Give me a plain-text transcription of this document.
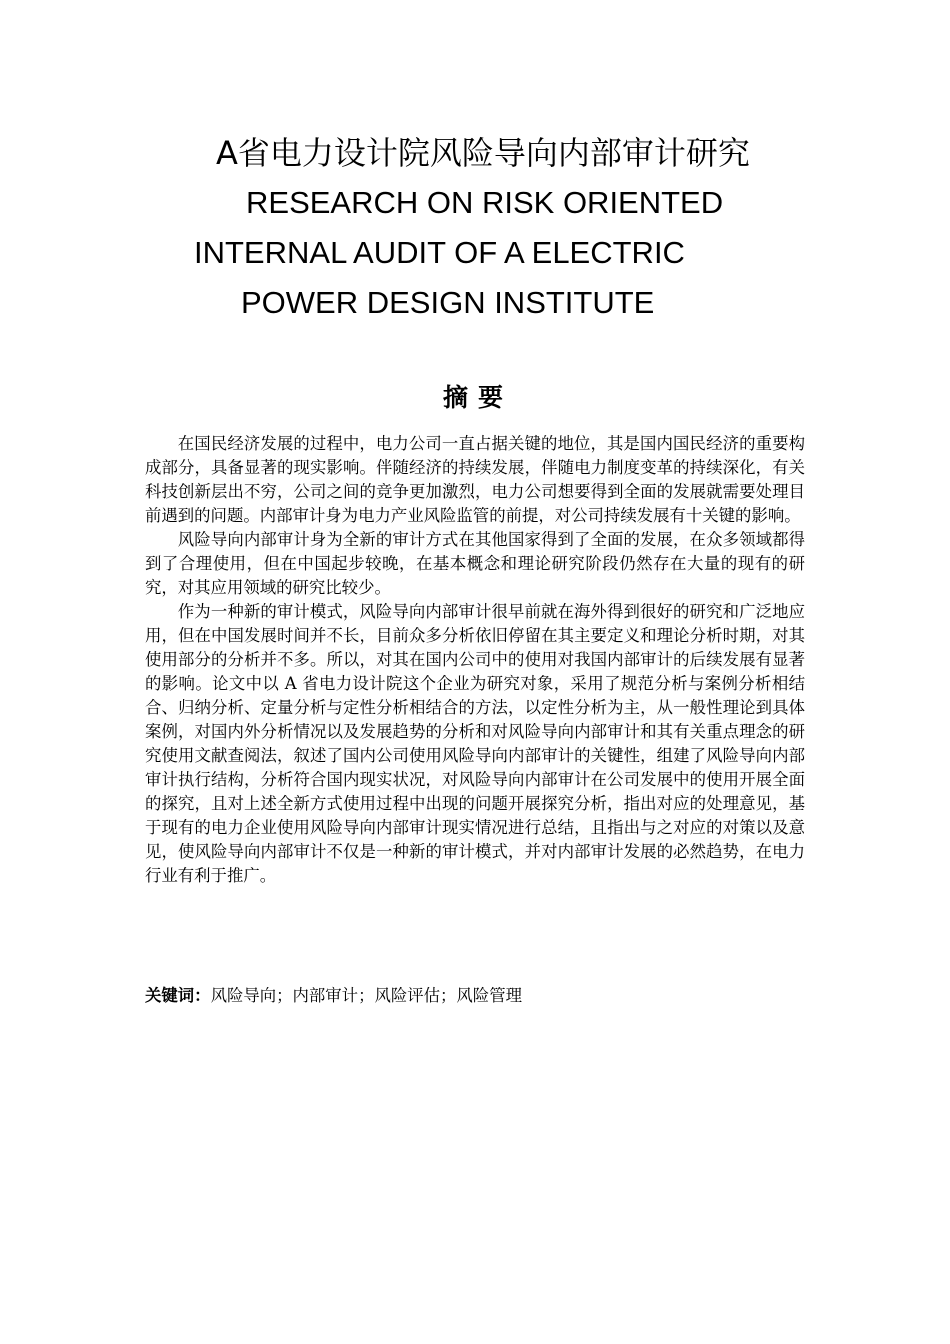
A省电力设计院风险导向内部审计研究
RESEARCH ON RISK ORIENTED
INTERNAL AUDIT OF A ELECTRIC
POWER DESIGN INSTITUTE
摘要

在国民经济发展的过程中，电力公司一直占据关键的地位，其是国内国民经济的重要构成部分，具备显著的现实影响。伴随经济的持续发展，伴随电力制度变革的持续深化，有关科技创新层出不穷，公司之间的竞争更加激烈，电力公司想要得到全面的发展就需要处理目前遇到的问题。内部审计身为电力产业风险监管的前提，对公司持续发展有十关键的影响。

风险导向内部审计身为全新的审计方式在其他国家得到了全面的发展，在众多领域都得到了合理使用，但在中国起步较晚，在基本概念和理论研究阶段仍然存在大量的现有的研究，对其应用领域的研究比较少。

作为一种新的审计模式，风险导向内部审计很早前就在海外得到很好的研究和广泛地应用，但在中国发展时间并不长，目前众多分析依旧停留在其主要定义和理论分析时期，对其使用部分的分析并不多。所以，对其在国内公司中的使用对我国内部审计的后续发展有显著的影响。论文中以 A 省电力设计院这个企业为研究对象，采用了规范分析与案例分析相结合、归纳分析、定量分析与定性分析相结合的方法，以定性分析为主，从一般性理论到具体案例，对国内外分析情况以及发展趋势的分析和对风险导向内部审计和其有关重点理念的研究使用文献查阅法，叙述了国内公司使用风险导向内部审计的关键性，组建了风险导向内部审计执行结构，分析符合国内现实状况，对风险导向内部审计在公司发展中的使用开展全面的探究，且对上述全新方式使用过程中出现的问题开展探究分析，指出对应的处理意见，基于现有的电力企业使用风险导向内部审计现实情况进行总结，且指出与之对应的对策以及意见，使风险导向内部审计不仅是一种新的审计模式，并对内部审计发展的必然趋势，在电力行业有利于推广。

关键词：风险导向；内部审计；风险评估；风险管理
